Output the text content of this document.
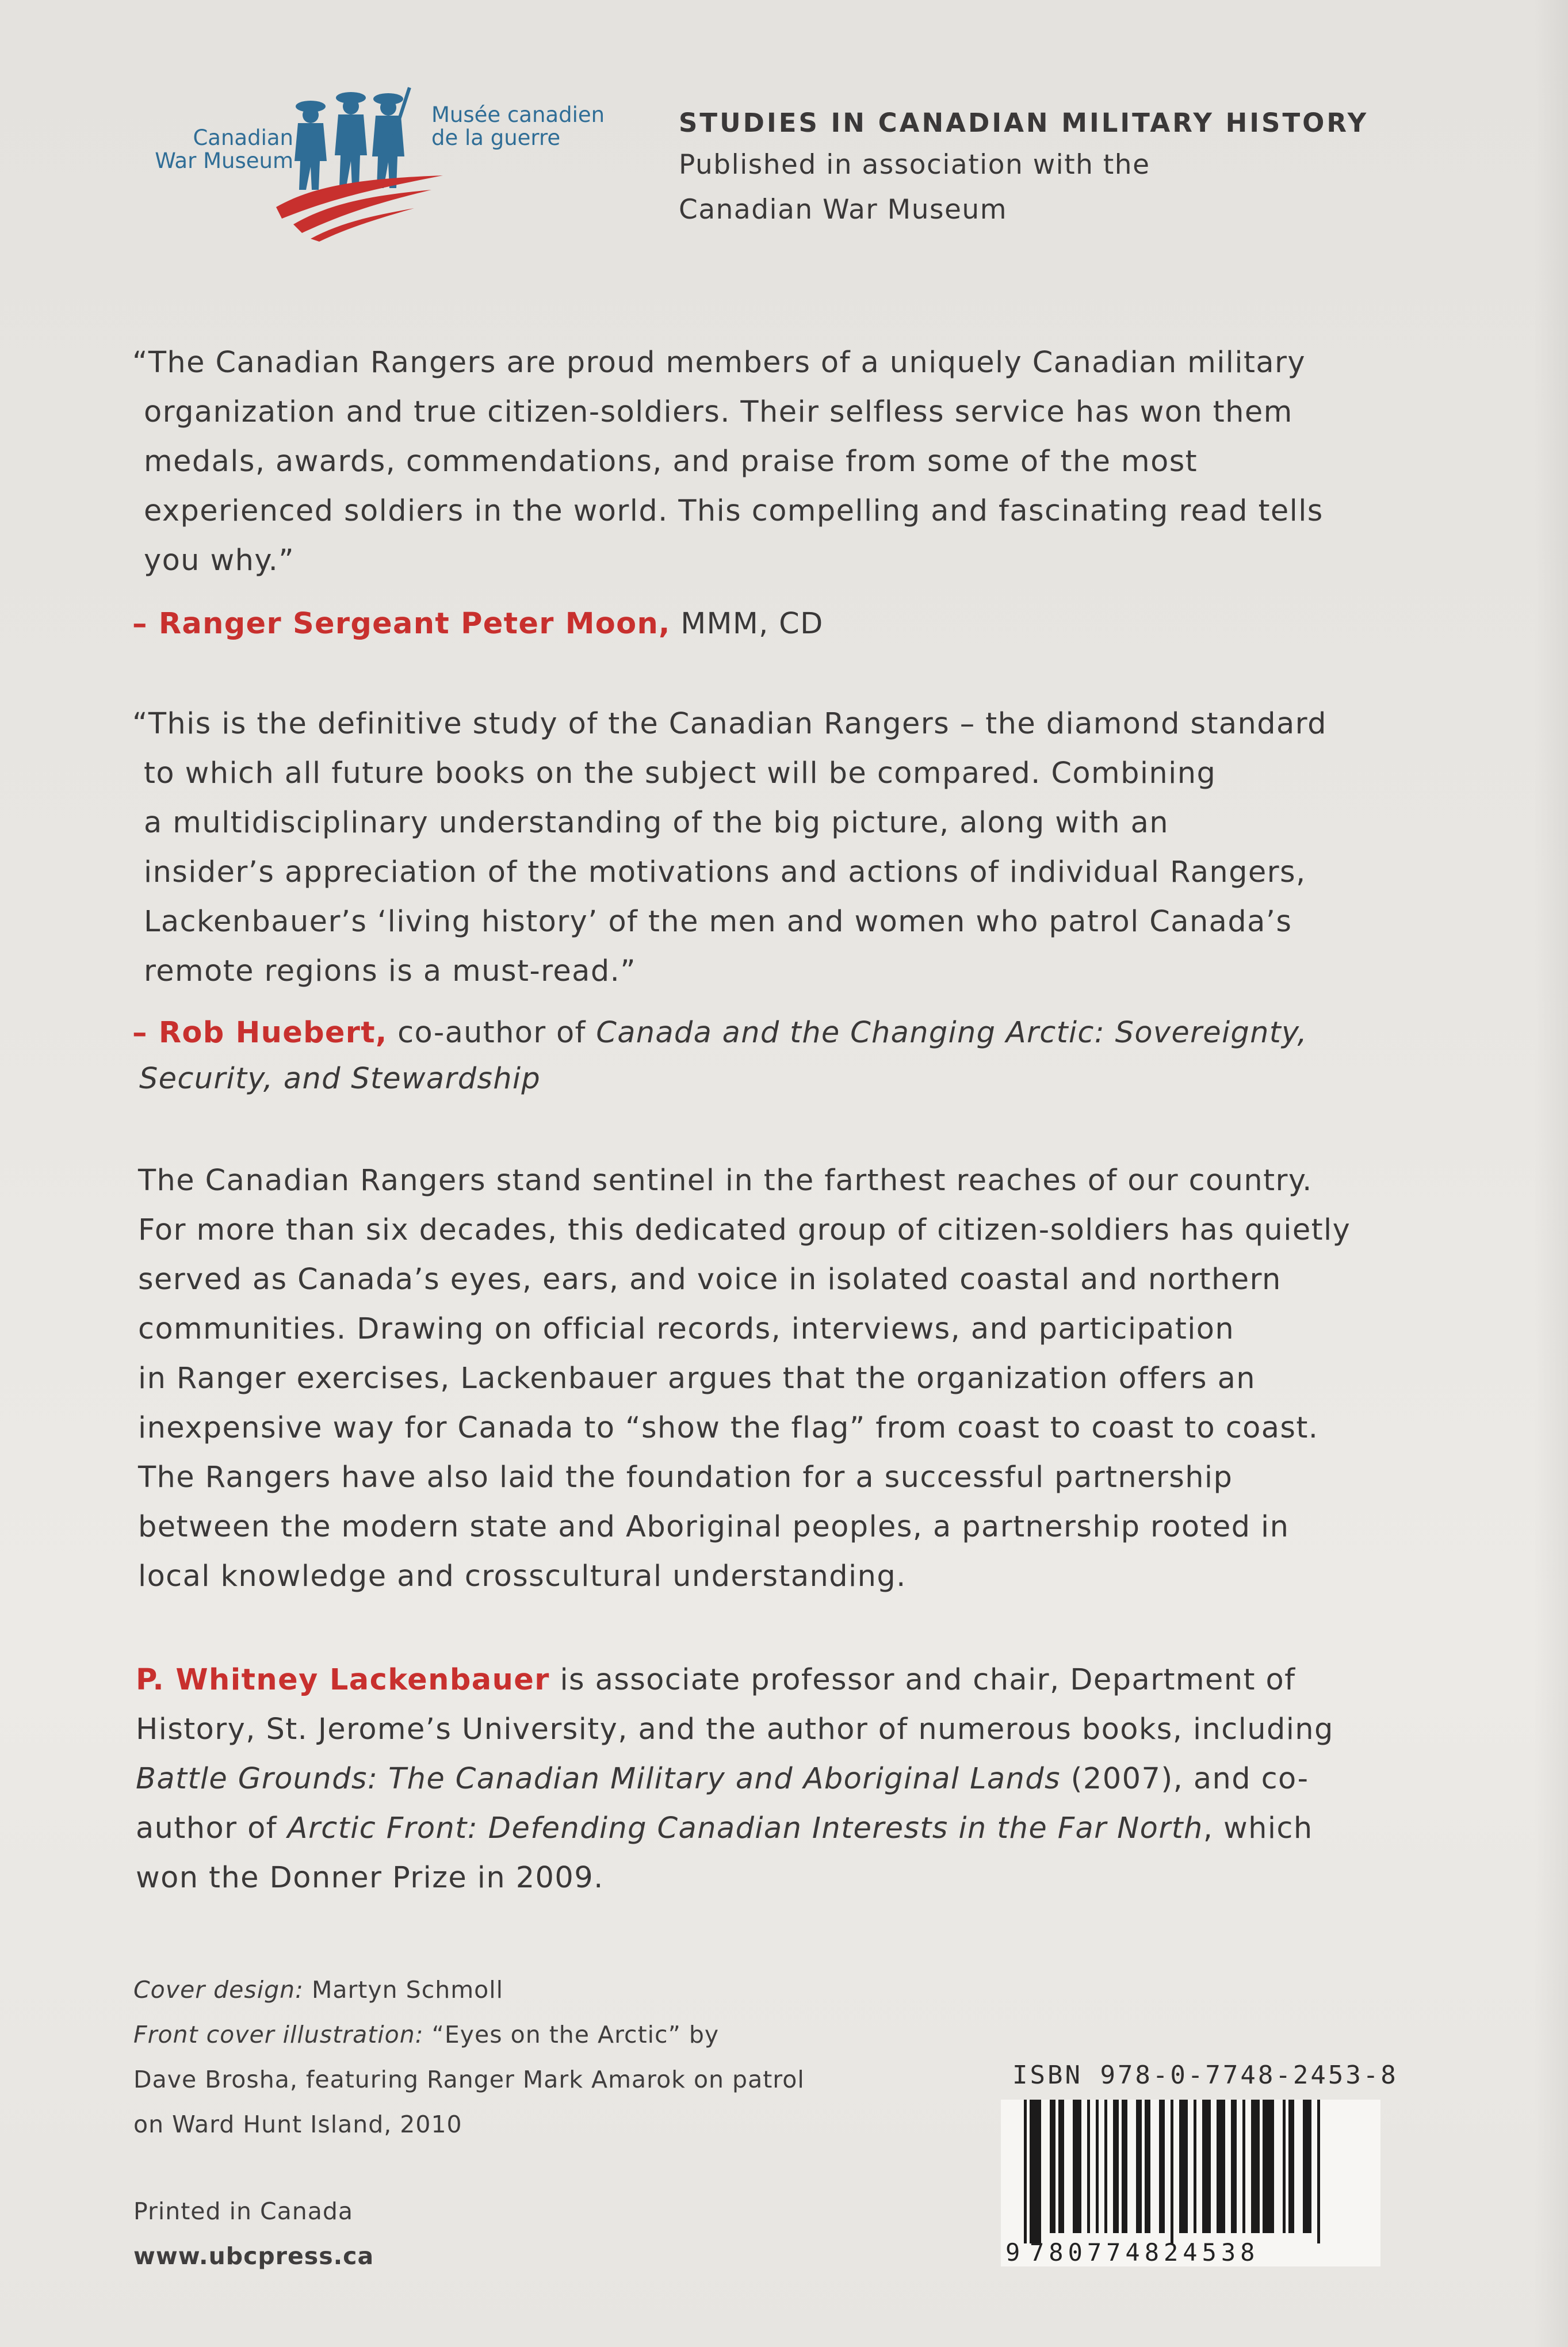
Canadian
War Museum
Musée canadien
de la guerre	STUDIES IN CANADIAN MILITARY HISTORY
Published in association with the
Canadian War Museum

“The Canadian Rangers are proud members of a uniquely Canadian military

organization and true citizen-soldiers. Their selfless service has won them

medals, awards, commendations, and praise from some of the most

experienced soldiers in the world. This compelling and fascinating read tells

you why.”

– Ranger Sergeant Peter Moon, MMM, CD

“This is the definitive study of the Canadian Rangers – the diamond standard

to which all future books on the subject will be compared. Combining

a multidisciplinary understanding of the big picture, along with an

insider’s appreciation of the motivations and actions of individual Rangers,

Lackenbauer’s ‘living history’ of the men and women who patrol Canada’s

remote regions is a must-read.”

– Rob Huebert, co-author of Canada and the Changing Arctic: Sovereignty,
Security, and Stewardship
The Canadian Rangers stand sentinel in the farthest reaches of our country.
For more than six decades, this dedicated group of citizen-soldiers has quietly
served as Canada’s eyes, ears, and voice in isolated coastal and northern
communities. Drawing on official records, interviews, and participation
in Ranger exercises, Lackenbauer argues that the organization offers an
inexpensive way for Canada to “show the flag” from coast to coast to coast.
The Rangers have also laid the foundation for a successful partnership
between the modern state and Aboriginal peoples, a partnership rooted in
local knowledge and crosscultural understanding.
P. Whitney Lackenbauer is associate professor and chair, Department of
History, St. Jerome’s University, and the author of numerous books, including
Battle Grounds: The Canadian Military and Aboriginal Lands (2007), and co-
author of Arctic Front: Defending Canadian Interests in the Far North, which
won the Donner Prize in 2009.
Cover design: Martyn Schmoll
Front cover illustration: “Eyes on the Arctic” by
Dave Brosha, featuring Ranger Mark Amarok on patrol
on Ward Hunt Island, 2010
Printed in Canada
www.ubcpress.ca
ISBN 978-0-7748-2453-8
9 780774824538
